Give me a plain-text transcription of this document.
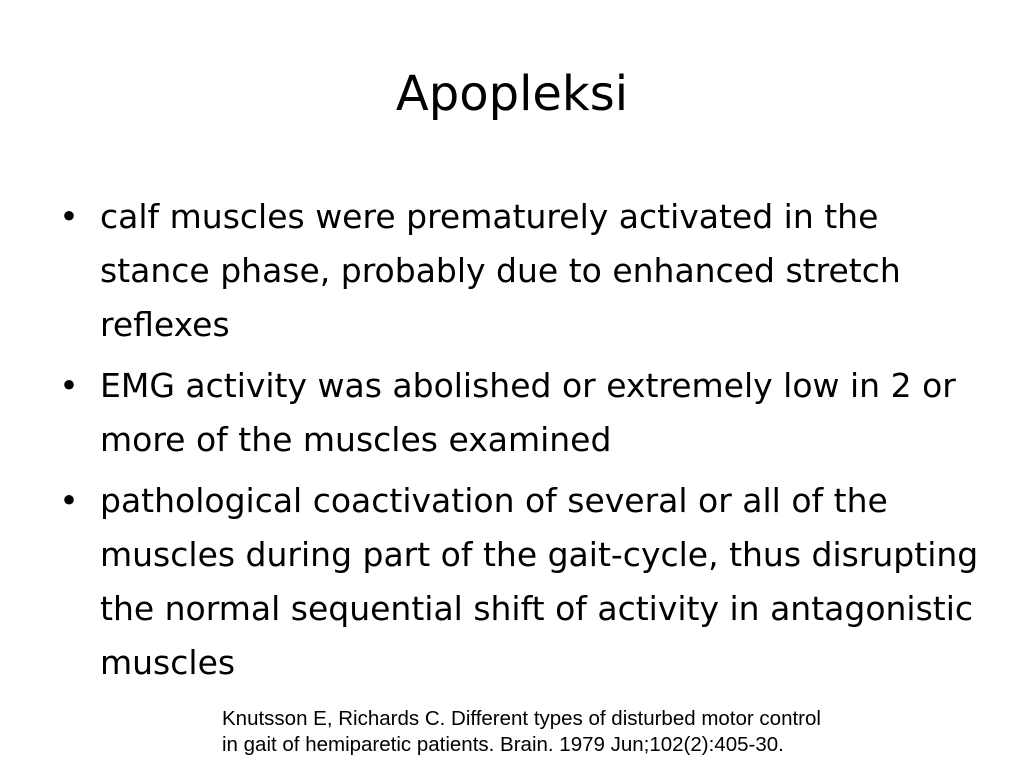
Apopleksi
• calf muscles were prematurely activated in the stance phase, probably due to enhanced stretch reflexes
• EMG activity was abolished or extremely low in 2 or more of the muscles examined
• pathological coactivation of several or all of the muscles during part of the gait-cycle, thus disrupting the normal sequential shift of activity in antagonistic muscles
Knutsson E, Richards C. Different types of disturbed motor control
in gait of hemiparetic patients. Brain. 1979 Jun;102(2):405-30.
